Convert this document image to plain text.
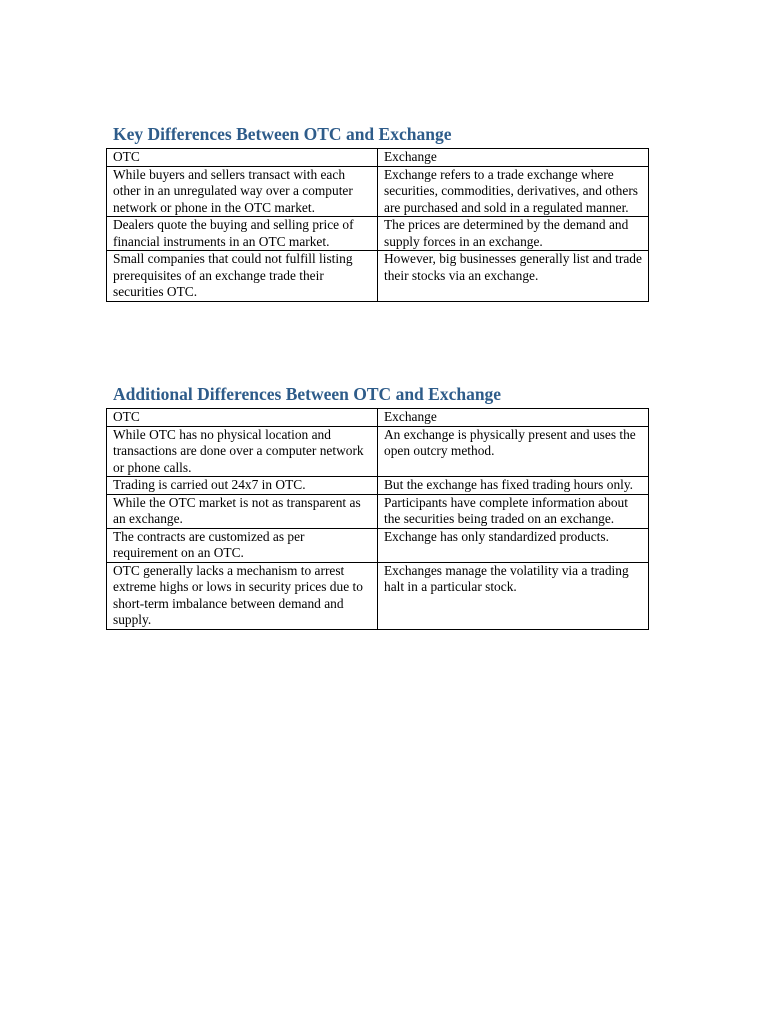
Key Differences Between OTC and Exchange
OTC	Exchange
While buyers and sellers transact with each other in an unregulated way over a computer network or phone in the OTC market.	Exchange refers to a trade exchange where securities, commodities, derivatives, and others are purchased and sold in a regulated manner.
Dealers quote the buying and selling price of financial instruments in an OTC market.	The prices are determined by the demand and supply forces in an exchange.
Small companies that could not fulfill listing prerequisites of an exchange trade their securities OTC.	However, big businesses generally list and trade their stocks via an exchange.
Additional Differences Between OTC and Exchange
OTC	Exchange
While OTC has no physical location and transactions are done over a computer network or phone calls.	An exchange is physically present and uses the open outcry method.
Trading is carried out 24x7 in OTC.	But the exchange has fixed trading hours only.
While the OTC market is not as transparent as an exchange.	Participants have complete information about the securities being traded on an exchange.
The contracts are customized as per requirement on an OTC.	Exchange has only standardized products.
OTC generally lacks a mechanism to arrest extreme highs or lows in security prices due to short-term imbalance between demand and supply.	Exchanges manage the volatility via a trading halt in a particular stock.
